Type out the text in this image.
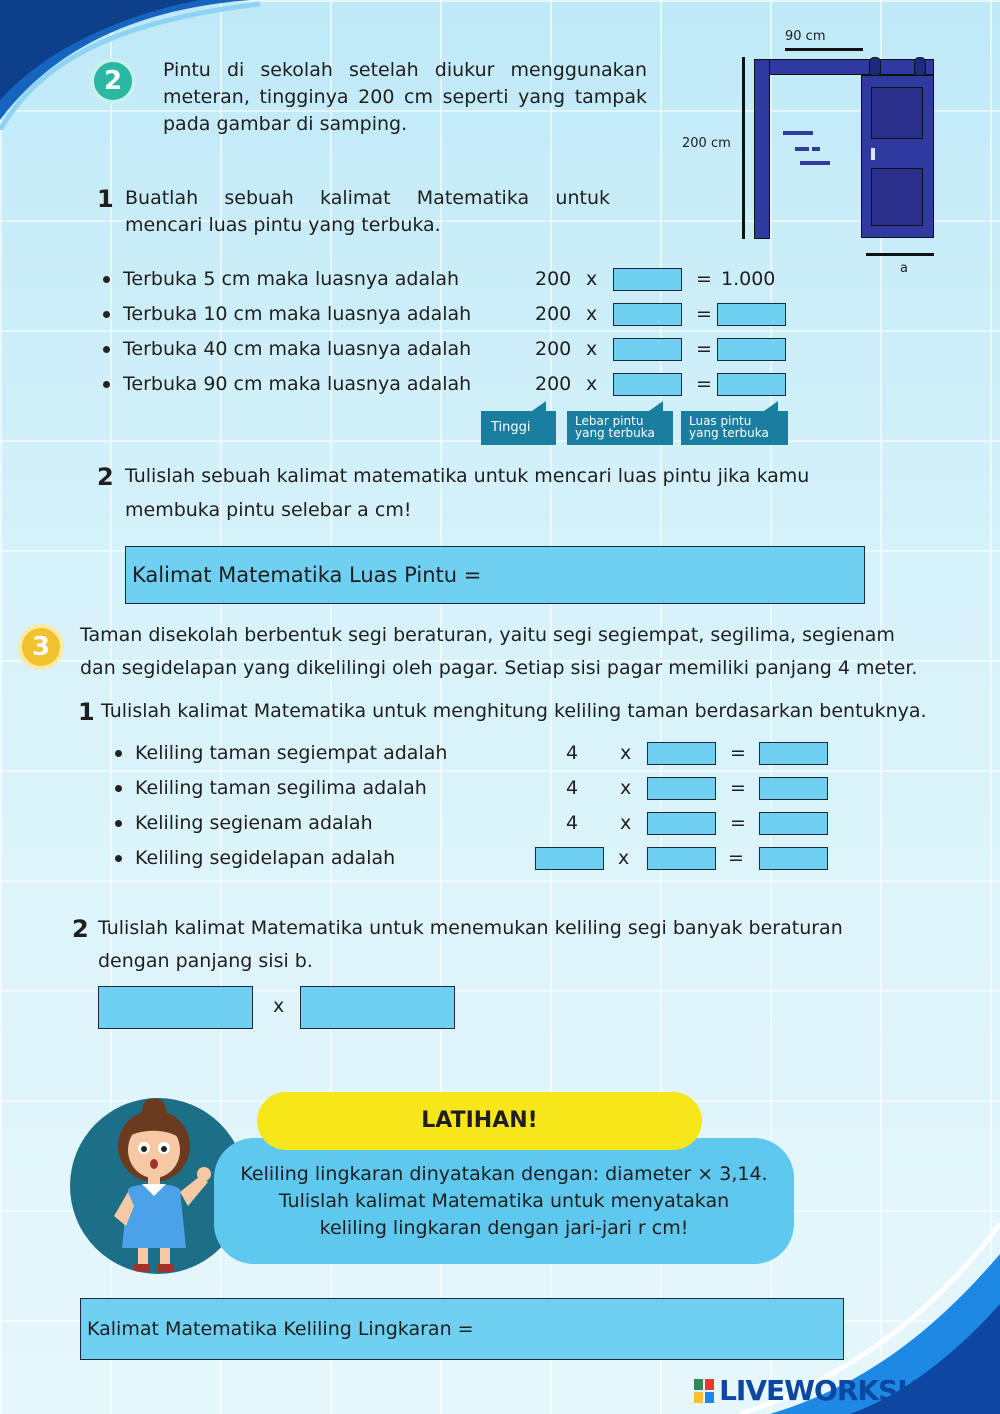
2	Pintu di sekolah setelah diukur menggunakan
meteran, tingginya 200 cm seperti yang tampak
pada gambar di samping.
90 cm
200 cm
a
1 Buatlah sebuah kalimat Matematika untuk
mencari luas pintu yang terbuka.
Terbuka 5 cm maka luasnya adalah	200 x	= 1.000
Terbuka 10 cm maka luasnya adalah	200 x	=
Terbuka 40 cm maka luasnya adalah	200 x	=
Terbuka 90 cm maka luasnya adalah	200 x	=
Tinggi	Lebar pintu
yang terbuka
Luas pintu
yang terbuka
2 Tulislah sebuah kalimat matematika untuk mencari luas pintu jika kamu
membuka pintu selebar a cm!
Kalimat Matematika Luas Pintu =
3	Taman disekolah berbentuk segi beraturan, yaitu segi segiempat, segilima, segienam
dan segidelapan yang dikelilingi oleh pagar. Setiap sisi pagar memiliki panjang 4 meter.
1 Tulislah kalimat Matematika untuk menghitung keliling taman berdasarkan bentuknya.
Keliling taman segiempat adalah	4 x	=
Keliling taman segilima adalah	4 x	=
Keliling segienam adalah	4 x	=
Keliling segidelapan adalah	x	=
2 Tulislah kalimat Matematika untuk menemukan keliling segi banyak beraturan
dengan panjang sisi b.
x
LATIHAN!
Keliling lingkaran dinyatakan dengan: diameter × 3,14.
Tulislah kalimat Matematika untuk menyatakan
keliling lingkaran dengan jari-jari r cm!
Kalimat Matematika Keliling Lingkaran =
LIVEWORKSHEETS
